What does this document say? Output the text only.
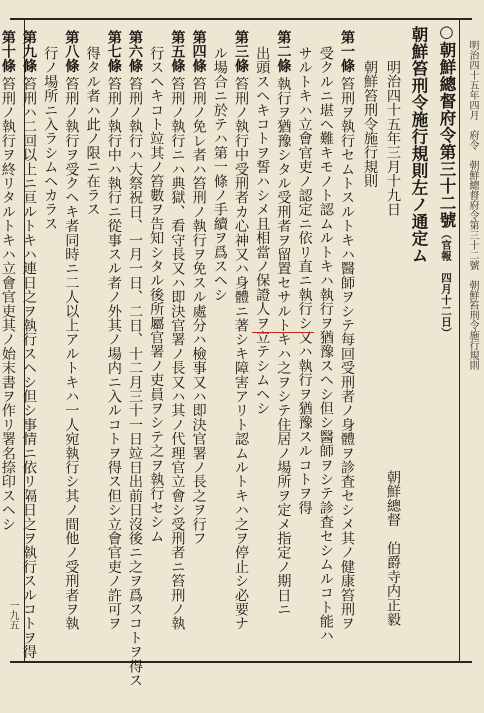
明治四十五年四月　府令　朝鮮總督府令第三十二號　朝鮮笞刑令施行規則
一九五
○朝鮮總督府令第三十二號（官報　四月十二日）
朝鮮笞刑令施行規則左ノ通定ム
明治四十五年三月十九日
朝鮮總督　伯爵寺内正毅
朝鮮笞刑令施行規則
第一條笞刑ヲ執行セムトスルトキハ醫師ヲシテ每回受刑者ノ身體ヲ診査セシメ其ノ健康笞刑ヲ
受クルニ堪ヘ難キモノト認ムルトキハ執行ヲ猶豫スヘシ但シ醫師ヲシテ診査セシムルコト能ハ
サルトキハ立會官吏ノ認定ニ依リ直ニ執行シ又ハ執行ヲ猶豫スルコトヲ得
第二條執行ヲ猶豫シタル受刑者ヲ留置セサルトキハ之ヲシテ住居ノ場所ヲ定メ指定ノ期日ニ
出頭スヘキコトヲ誓ハシメ且相當ノ保證人ヲ立テシムヘシ
第三條笞刑ノ執行中受刑者カ心神又ハ身體ニ著シキ障害アリト認ムルトキハ之ヲ停止シ必要ナ
ル場合ニ於テハ第一條ノ手續ヲ爲スヘシ
第四條笞刑ノ免レ者ハ笞刑ノ執行ヲ免スル處分ハ檢事又ハ即決官署ノ長之ヲ行フ
第五條笞刑ノ執行ニハ典獄、看守長又ハ即決官署ノ長又ハ其ノ代理官立會シ受刑者ニ笞刑ノ執
行スヘキコト竝其ノ笞數ヲ告知シタル後所屬官署ノ吏員ヲシテ之ヲ執行セシム
第六條笞刑ノ執行ハ大祭祝日、一月一日、二日、十二月三十一日竝日出前日沒後ニ之ヲ爲スコトヲ得ス
第七條笞刑ノ執行中ハ執行ニ從事スル者ノ外其ノ場内ニ入ルコトヲ得ス但シ立會官吏ノ許可ヲ
得タル者ハ此ノ限ニ在ラス
第八條笞刑ノ執行ヲ受クヘキ者同時ニ二人以上アルトキハ一人宛執行シ其ノ間他ノ受刑者ヲ執
行ノ場所ニ入ラシムヘカラス
第九條笞刑ハ二回以上ニ亘ルトキハ連日之ヲ執行スヘシ但シ事情ニ依リ隔日之ヲ執行スルコトヲ得
第十條笞刑ノ執行ヲ終リタルトキハ立會官吏其ノ始末書ヲ作リ署名捺印スヘシ
